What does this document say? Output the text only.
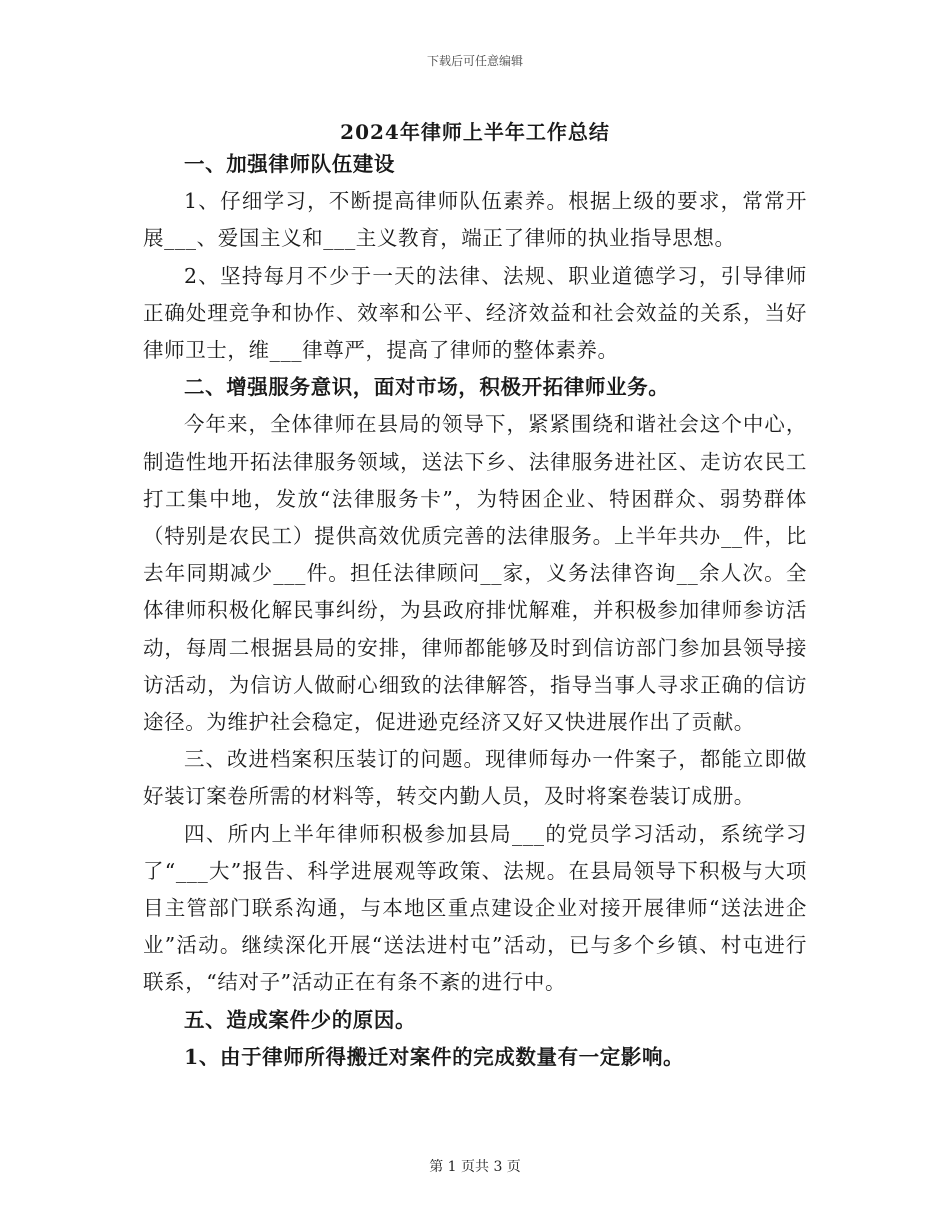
下载后可任意编辑
2024年律师上半年工作总结

一、加强律师队伍建设

1、仔细学习，不断提高律师队伍素养。根据上级的要求，常常开展___、爱国主义和___主义教育，端正了律师的执业指导思想。

2、坚持每月不少于一天的法律、法规、职业道德学习，引导律师正确处理竞争和协作、效率和公平、经济效益和社会效益的关系，当好律师卫士，维___律尊严，提高了律师的整体素养。

二、增强服务意识，面对市场，积极开拓律师业务。

今年来，全体律师在县局的领导下，紧紧围绕和谐社会这个中心，制造性地开拓法律服务领域，送法下乡、法律服务进社区、走访农民工打工集中地，发放“法律服务卡”，为特困企业、特困群众、弱势群体（特别是农民工）提供高效优质完善的法律服务。上半年共办__件，比去年同期减少___件。担任法律顾问__家，义务法律咨询__余人次。全体律师积极化解民事纠纷，为县政府排忧解难，并积极参加律师参访活动，每周二根据县局的安排，律师都能够及时到信访部门参加县领导接访活动，为信访人做耐心细致的法律解答，指导当事人寻求正确的信访途径。为维护社会稳定，促进逊克经济又好又快进展作出了贡献。

三、改进档案积压装订的问题。现律师每办一件案子，都能立即做好装订案卷所需的材料等，转交内勤人员，及时将案卷装订成册。

四、所内上半年律师积极参加县局___的党员学习活动，系统学习了“___大”报告、科学进展观等政策、法规。在县局领导下积极与大项目主管部门联系沟通，与本地区重点建设企业对接开展律师“送法进企业”活动。继续深化开展“送法进村屯”活动，已与多个乡镇、村屯进行联系，“结对子”活动正在有条不紊的进行中。

五、造成案件少的原因。

1、由于律师所得搬迁对案件的完成数量有一定影响。

第 1 页共 3 页
